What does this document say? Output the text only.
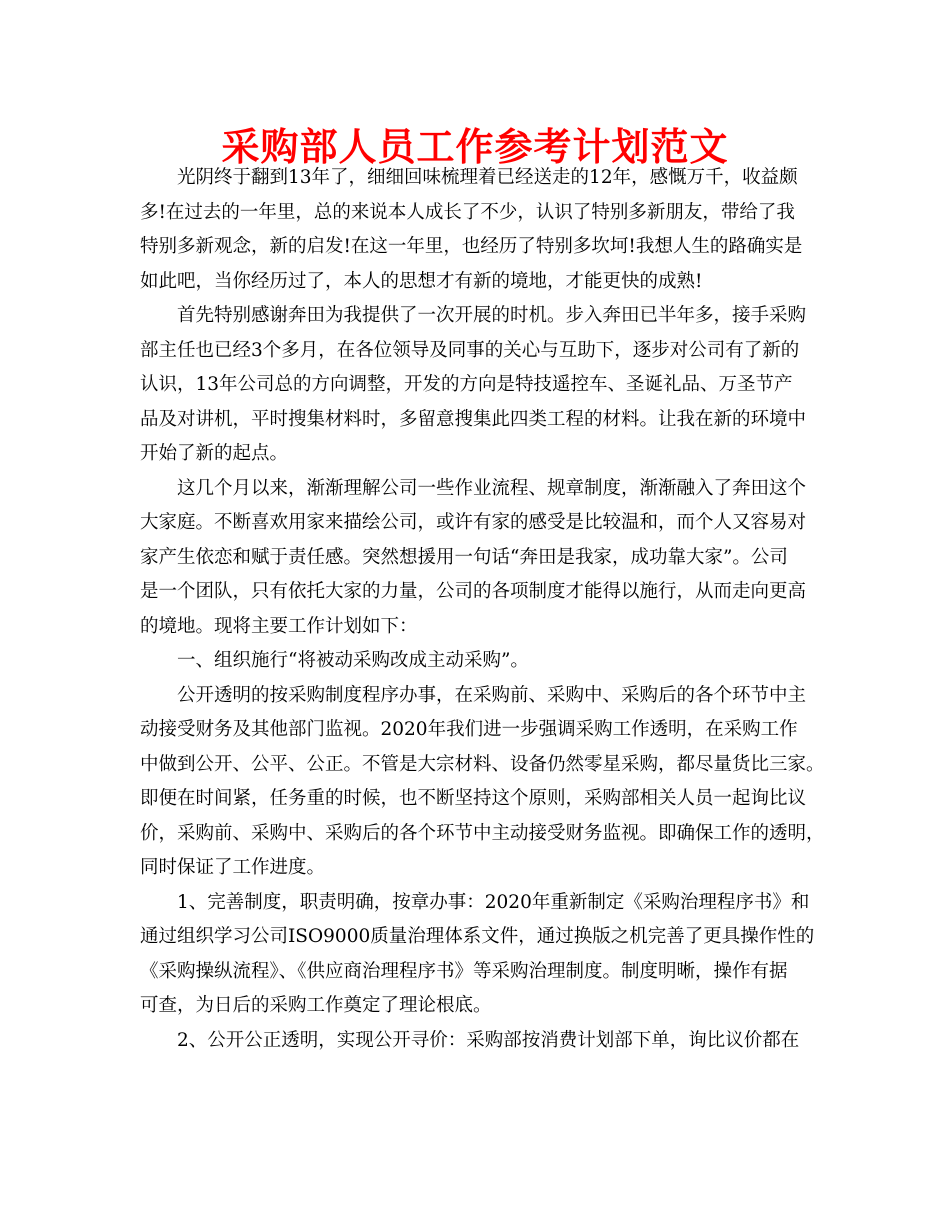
采购部人员工作参考计划范文

光阴终于翻到13年了，细细回味梳理着已经送走的12年，感慨万千，收益颇
多!在过去的一年里，总的来说本人成长了不少，认识了特别多新朋友，带给了我
特别多新观念，新的启发!在这一年里，也经历了特别多坎坷!我想人生的路确实是
如此吧，当你经历过了，本人的思想才有新的境地，才能更快的成熟!

首先特别感谢奔田为我提供了一次开展的时机。步入奔田已半年多，接手采购
部主任也已经3个多月，在各位领导及同事的关心与互助下，逐步对公司有了新的
认识，13年公司总的方向调整，开发的方向是特技遥控车、圣诞礼品、万圣节产
品及对讲机，平时搜集材料时，多留意搜集此四类工程的材料。让我在新的环境中
开始了新的起点。

这几个月以来，渐渐理解公司一些作业流程、规章制度，渐渐融入了奔田这个
大家庭。不断喜欢用家来描绘公司，或许有家的感受是比较温和，而个人又容易对
家产生依恋和赋于责任感。突然想援用一句话“奔田是我家，成功靠大家”。公司
是一个团队，只有依托大家的力量，公司的各项制度才能得以施行，从而走向更高
的境地。现将主要工作计划如下：

一、组织施行“将被动采购改成主动采购”。

公开透明的按采购制度程序办事，在采购前、采购中、采购后的各个环节中主
动接受财务及其他部门监视。2020年我们进一步强调采购工作透明，在采购工作
中做到公开、公平、公正。不管是大宗材料、设备仍然零星采购，都尽量货比三家。
即便在时间紧，任务重的时候，也不断坚持这个原则，采购部相关人员一起询比议
价，采购前、采购中、采购后的各个环节中主动接受财务监视。即确保工作的透明，
同时保证了工作进度。

1、完善制度，职责明确，按章办事：2020年重新制定《采购治理程序书》和
通过组织学习公司ISO9000质量治理体系文件，通过换版之机完善了更具操作性的
《采购操纵流程》、《供应商治理程序书》等采购治理制度。制度明晰，操作有据
可查，为日后的采购工作奠定了理论根底。

2、公开公正透明，实现公开寻价：采购部按消费计划部下单，询比议价都在
